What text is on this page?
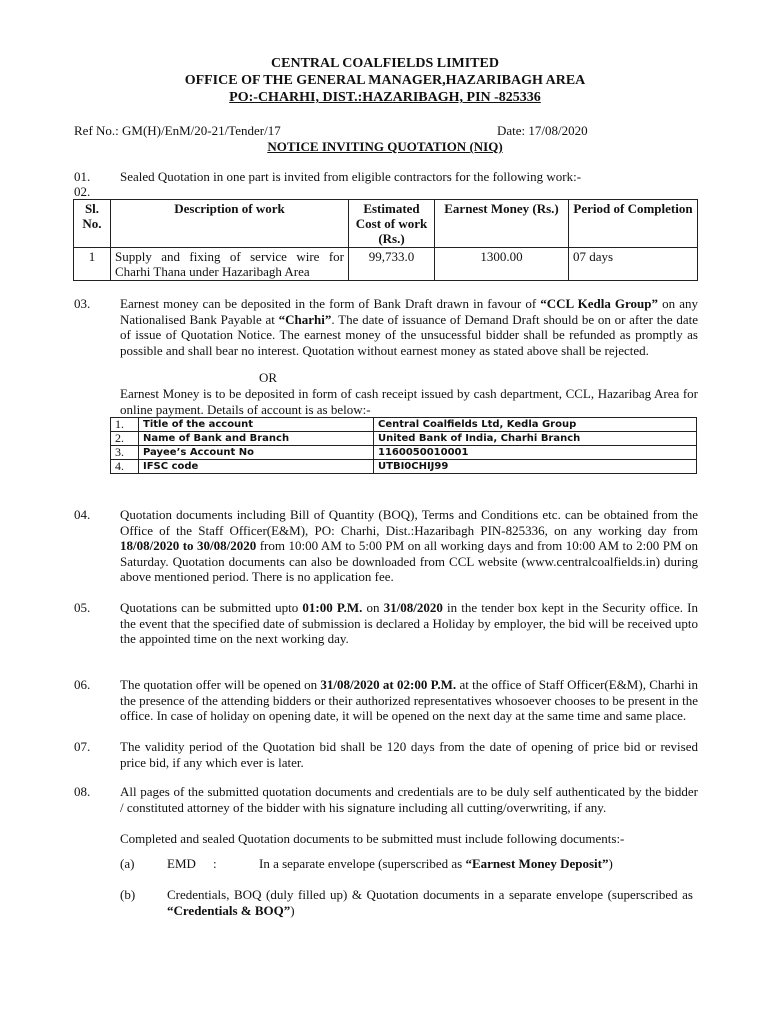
CENTRAL COALFIELDS LIMITED
OFFICE OF THE GENERAL MANAGER,HAZARIBAGH AREA
PO:-CHARHI, DIST.:HAZARIBAGH, PIN -825336
Ref No.: GM(H)/EnM/20-21/Tender/17	Date: 17/08/2020
NOTICE INVITING QUOTATION (NIQ)
01. Sealed Quotation in one part is invited from eligible contractors for the following work:-
02.
Sl. No.	Description of work	Estimated Cost of work (Rs.)	Earnest Money (Rs.)	Period of Completion
1	Supply and fixing of service wire for Charhi Thana under Hazaribagh Area	99,733.0	1300.00	07 days
03. Earnest money can be deposited in the form of Bank Draft drawn in favour of “CCL Kedla Group” on any Nationalised Bank Payable at “Charhi”. The date of issuance of Demand Draft should be on or after the date of issue of Quotation Notice. The earnest money of the unsucessful bidder shall be refunded as promptly as possible and shall bear no interest. Quotation without earnest money as stated above shall be rejected.
OR
Earnest Money is to be deposited in form of cash receipt issued by cash department, CCL, Hazaribag Area for online payment. Details of account is as below:-
1.	Title of the account	Central Coalfields Ltd, Kedla Group
2.	Name of Bank and Branch	United Bank of India, Charhi Branch
3.	Payee’s Account No	1160050010001
4.	IFSC code	UTBI0CHIJ99
04. Quotation documents including Bill of Quantity (BOQ), Terms and Conditions etc. can be obtained from the Office of the Staff Officer(E&M), PO: Charhi, Dist.:Hazaribagh PIN-825336, on any working day from 18/08/2020 to 30/08/2020 from 10:00 AM to 5:00 PM on all working days and from 10:00 AM to 2:00 PM on Saturday. Quotation documents can also be downloaded from CCL website (www.centralcoalfields.in) during above mentioned period. There is no application fee.
05. Quotations can be submitted upto 01:00 P.M. on 31/08/2020 in the tender box kept in the Security office. In the event that the specified date of submission is declared a Holiday by employer, the bid will be received upto the appointed time on the next working day.
06. The quotation offer will be opened on 31/08/2020 at 02:00 P.M. at the office of Staff Officer(E&M), Charhi in the presence of the attending bidders or their authorized representatives whosoever chooses to be present in the office. In case of holiday on opening date, it will be opened on the next day at the same time and same place.
07. The validity period of the Quotation bid shall be 120 days from the date of opening of price bid or revised price bid, if any which ever is later.
08. All pages of the submitted quotation documents and credentials are to be duly self authenticated by the bidder / constituted attorney of the bidder with his signature including all cutting/overwriting, if any.
Completed and sealed Quotation documents to be submitted must include following documents:-
(a)	EMD :	In a separate envelope (superscribed as “Earnest Money Deposit”)
(b) Credentials, BOQ (duly filled up) & Quotation documents in a separate envelope (superscribed as “Credentials & BOQ”)
